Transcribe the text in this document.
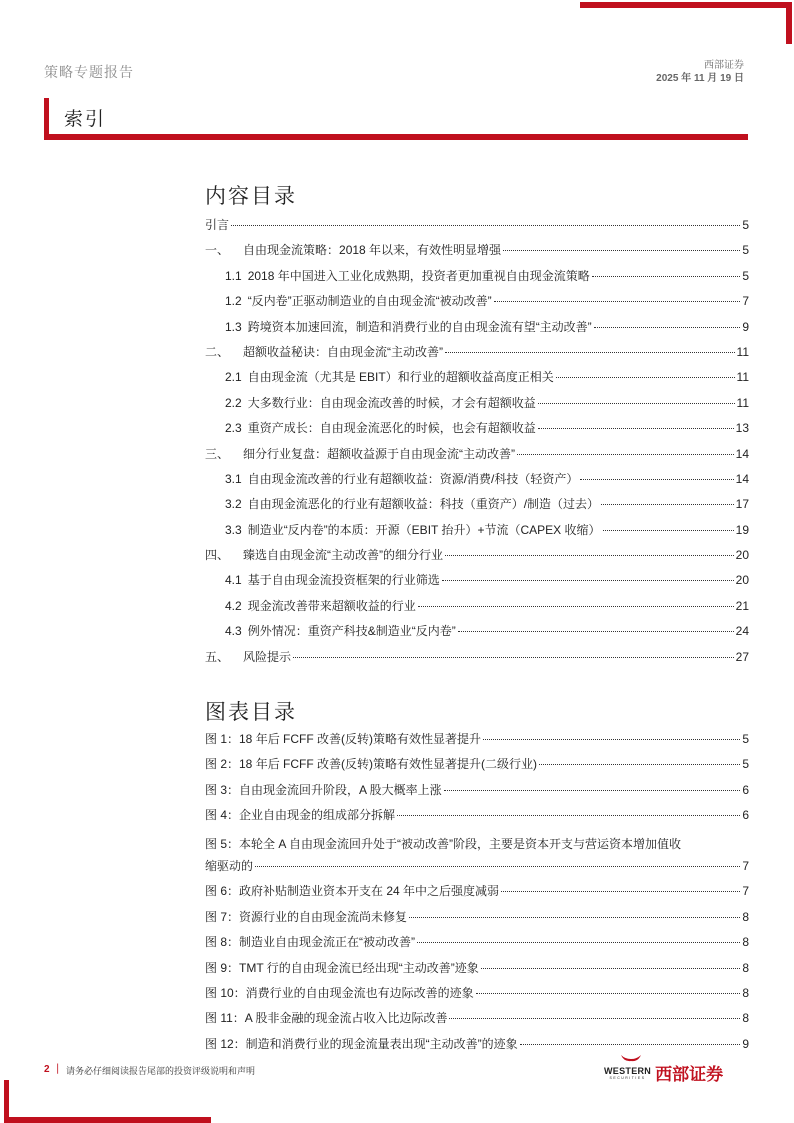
策略专题报告	西部证券
2025 年 11 月 19 日
索引
内容目录
引言	5
一、 自由现金流策略：2018 年以来，有效性明显增强	5
1.1 2018 年中国进入工业化成熟期，投资者更加重视自由现金流策略	5
1.2 “反内卷”正驱动制造业的自由现金流“被动改善”	7
1.3 跨境资本加速回流，制造和消费行业的自由现金流有望“主动改善”	9
二、 超额收益秘诀：自由现金流“主动改善”	11
2.1 自由现金流（尤其是 EBIT）和行业的超额收益高度正相关	11
2.2 大多数行业：自由现金流改善的时候，才会有超额收益	11
2.3 重资产成长：自由现金流恶化的时候，也会有超额收益	13
三、 细分行业复盘：超额收益源于自由现金流“主动改善”	14
3.1 自由现金流改善的行业有超额收益：资源/消费/科技（轻资产）	14
3.2 自由现金流恶化的行业有超额收益：科技（重资产）/制造（过去）	17
3.3 制造业“反内卷”的本质：开源（EBIT 抬升）+节流（CAPEX 收缩）	19
四、 臻选自由现金流“主动改善”的细分行业	20
4.1 基于自由现金流投资框架的行业筛选	20
4.2 现金流改善带来超额收益的行业	21
4.3 例外情况：重资产科技&制造业“反内卷”	24
五、 风险提示	27
图表目录
图 1：18 年后 FCFF 改善(反转)策略有效性显著提升	5
图 2：18 年后 FCFF 改善(反转)策略有效性显著提升(二级行业)	5
图 3：自由现金流回升阶段，A 股大概率上涨	6
图 4：企业自由现金的组成部分拆解	6
图 5：本轮全 A 自由现金流回升处于“被动改善”阶段，主要是资本开支与营运资本增加值收
缩驱动的	7
图 6：政府补贴制造业资本开支在 24 年中之后强度减弱	7
图 7：资源行业的自由现金流尚未修复	8
图 8：制造业自由现金流正在“被动改善”	8
图 9：TMT 行的自由现金流已经出现“主动改善”迹象	8
图 10：消费行业的自由现金流也有边际改善的迹象	8
图 11：A 股非金融的现金流占收入比边际改善	8
图 12：制造和消费行业的现金流量表出现“主动改善”的迹象	9
2 | 请务必仔细阅读报告尾部的投资评级说明和声明	WESTERN
SECURITIES 西部证券
